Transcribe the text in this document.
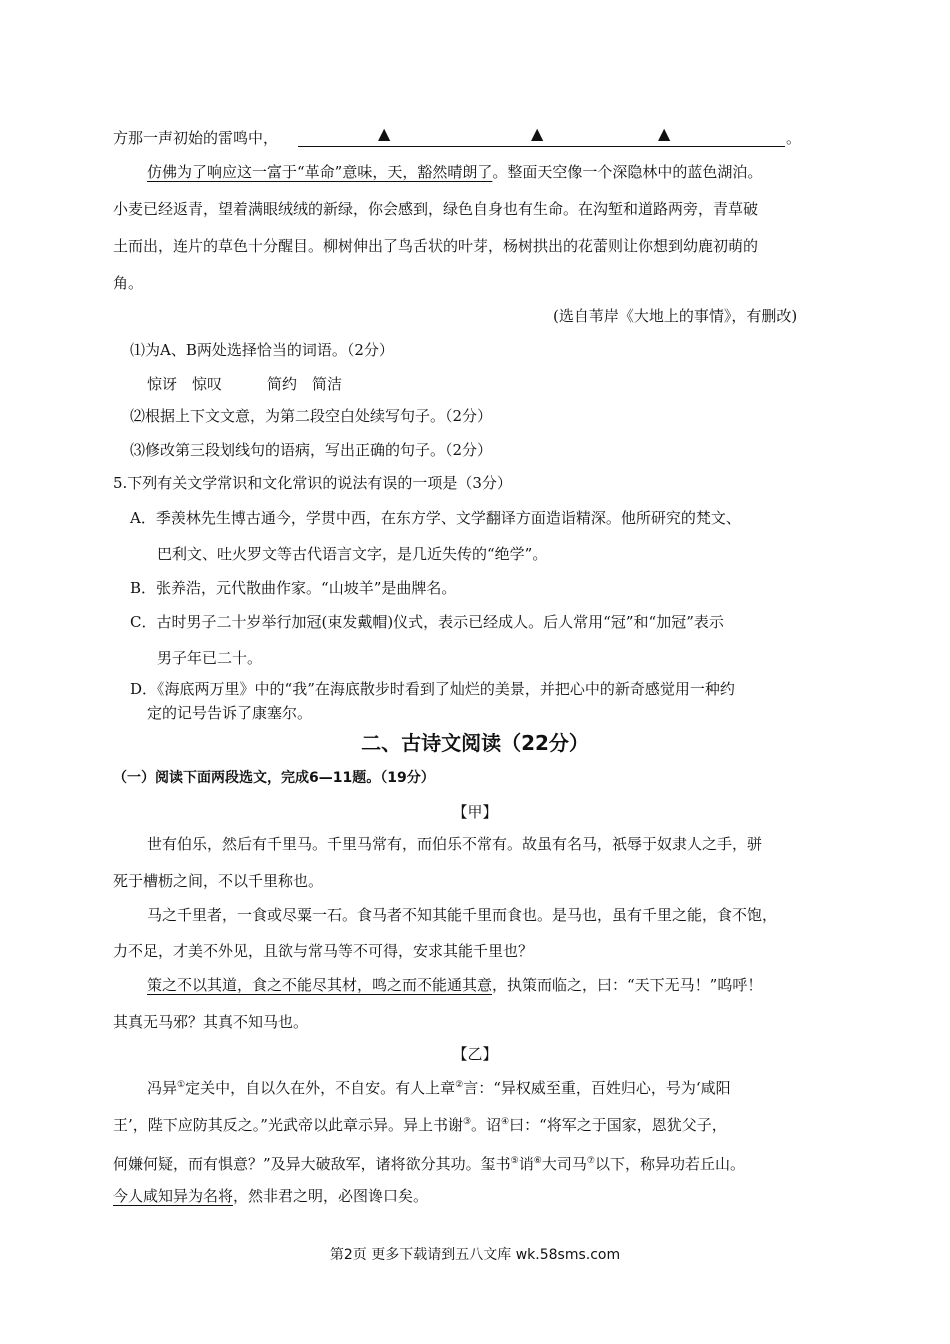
方那一声初始的雷鸣中，	▲	▲	▲	。
仿佛为了响应这一富于“革命”意味，天，豁然晴朗了。整面天空像一个深隐林中的蓝色湖泊。
小麦已经返青，望着满眼绒绒的新绿，你会感到，绿色自身也有生命。在沟堑和道路两旁，青草破
土而出，连片的草色十分醒目。柳树伸出了鸟舌状的叶芽，杨树拱出的花蕾则让你想到幼鹿初萌的
角。
(选自苇岸《大地上的事情》，有删改)
⑴为A、B两处选择恰当的词语。（2分）
惊讶　惊叹　　　简约　简洁
⑵根据上下文文意，为第二段空白处续写句子。（2分）
⑶修改第三段划线句的语病，写出正确的句子。（2分）
5.下列有关文学常识和文化常识的说法有误的一项是（3分）
A．季羡林先生博古通今，学贯中西，在东方学、文学翻译方面造诣精深。他所研究的梵文、
巴利文、吐火罗文等古代语言文字，是几近失传的“绝学”。
B．张养浩，元代散曲作家。“山坡羊”是曲牌名。
C．古时男子二十岁举行加冠(束发戴帽)仪式，表示已经成人。后人常用“冠”和“加冠”表示
男子年已二十。
D．《海底两万里》中的“我”在海底散步时看到了灿烂的美景，并把心中的新奇感觉用一种约
定的记号告诉了康塞尔。
二、古诗文阅读（22分）
（一）阅读下面两段选文，完成6—11题。（19分）
【甲】
世有伯乐，然后有千里马。千里马常有，而伯乐不常有。故虽有名马，祇辱于奴隶人之手，骈
死于槽枥之间，不以千里称也。
马之千里者，一食或尽粟一石。食马者不知其能千里而食也。是马也，虽有千里之能，食不饱，
力不足，才美不外见，且欲与常马等不可得，安求其能千里也？
策之不以其道，食之不能尽其材，鸣之而不能通其意，执策而临之，曰：“天下无马！”呜呼！
其真无马邪？其真不知马也。
【乙】
冯异①定关中，自以久在外，不自安。有人上章②言：“异权威至重，百姓归心，号为‘咸阳
王’，陛下应防其反之。”光武帝以此章示异。异上书谢③。诏④曰：“将军之于国家，恩犹父子，
何嫌何疑，而有惧意？”及异大破敌军，诸将欲分其功。玺书⑤诮⑥大司马⑦以下，称异功若丘山。
今人咸知异为名将，然非君之明，必图谗口矣。
第2页 更多下载请到五八文库 wk.58sms.com
